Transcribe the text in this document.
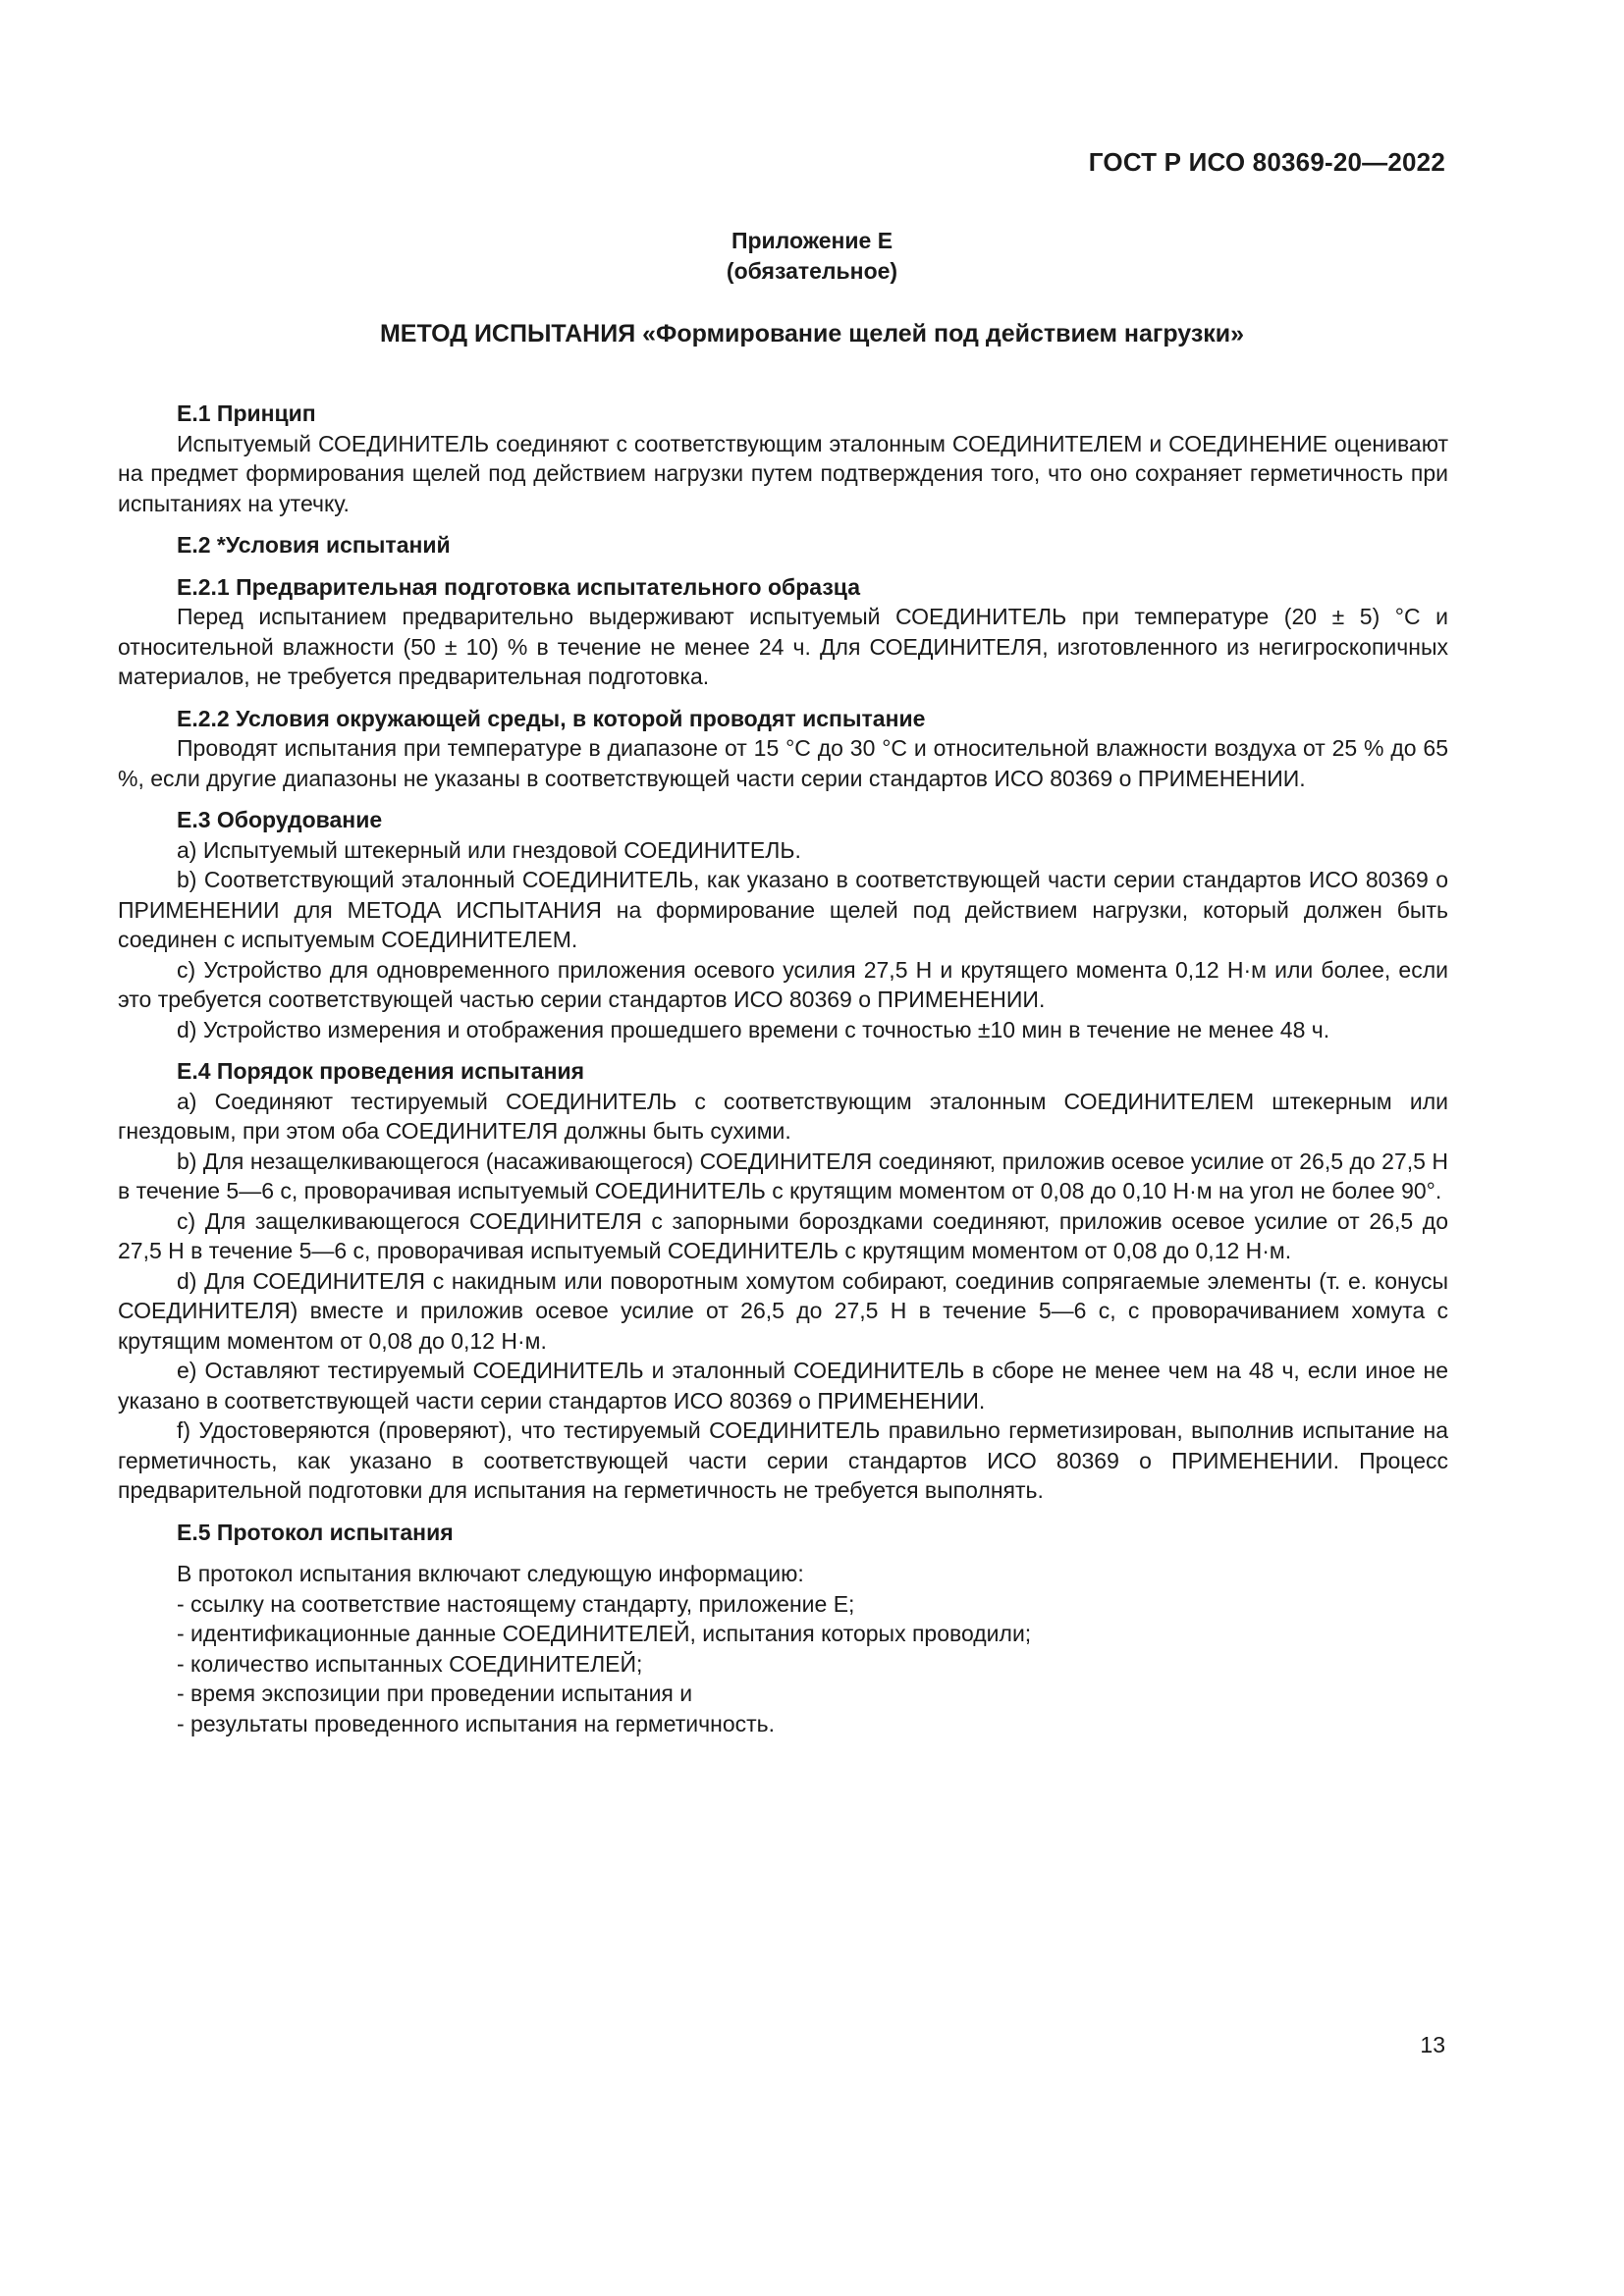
ГОСТ Р ИСО 80369-20—2022
Приложение Е
(обязательное)
МЕТОД ИСПЫТАНИЯ «Формирование щелей под действием нагрузки»

Е.1 Принцип

Испытуемый СОЕДИНИТЕЛЬ соединяют с соответствующим эталонным СОЕДИНИТЕЛЕМ и СОЕДИНЕНИЕ оценивают на предмет формирования щелей под действием нагрузки путем подтверждения того, что оно сохраняет герметичность при испытаниях на утечку.

Е.2 *Условия испытаний

Е.2.1 Предварительная подготовка испытательного образца

Перед испытанием предварительно выдерживают испытуемый СОЕДИНИТЕЛЬ при температуре (20 ± 5) °С и относительной влажности (50 ± 10) % в течение не менее 24 ч. Для СОЕДИНИТЕЛЯ, изготовленного из негигроскопичных материалов, не требуется предварительная подготовка.

Е.2.2 Условия окружающей среды, в которой проводят испытание

Проводят испытания при температуре в диапазоне от 15 °С до 30 °С и относительной влажности воздуха от 25 % до 65 %, если другие диапазоны не указаны в соответствующей части серии стандартов ИСО 80369 о ПРИМЕНЕНИИ.

Е.3 Оборудование

a) Испытуемый штекерный или гнездовой СОЕДИНИТЕЛЬ.

b) Соответствующий эталонный СОЕДИНИТЕЛЬ, как указано в соответствующей части серии стандартов ИСО 80369 о ПРИМЕНЕНИИ для МЕТОДА ИСПЫТАНИЯ на формирование щелей под действием нагрузки, который должен быть соединен с испытуемым СОЕДИНИТЕЛЕМ.

c) Устройство для одновременного приложения осевого усилия 27,5 Н и крутящего момента 0,12 Н·м или более, если это требуется соответствующей частью серии стандартов ИСО 80369 о ПРИМЕНЕНИИ.

d) Устройство измерения и отображения прошедшего времени с точностью ±10 мин в течение не менее 48 ч.

Е.4 Порядок проведения испытания

a) Соединяют тестируемый СОЕДИНИТЕЛЬ с соответствующим эталонным СОЕДИНИТЕЛЕМ штекерным или гнездовым, при этом оба СОЕДИНИТЕЛЯ должны быть сухими.

b) Для незащелкивающегося (насаживающегося) СОЕДИНИТЕЛЯ соединяют, приложив осевое усилие от 26,5 до 27,5 Н в течение 5—6 с, проворачивая испытуемый СОЕДИНИТЕЛЬ с крутящим моментом от 0,08 до 0,10 Н·м на угол не более 90°.

c) Для защелкивающегося СОЕДИНИТЕЛЯ с запорными бороздками соединяют, приложив осевое усилие от 26,5 до 27,5 Н в течение 5—6 с, проворачивая испытуемый СОЕДИНИТЕЛЬ с крутящим моментом от 0,08 до 0,12 Н·м.

d) Для СОЕДИНИТЕЛЯ с накидным или поворотным хомутом собирают, соединив сопрягаемые элементы (т. е. конусы СОЕДИНИТЕЛЯ) вместе и приложив осевое усилие от 26,5 до 27,5 Н в течение 5—6 с, с проворачиванием хомута с крутящим моментом от 0,08 до 0,12 Н·м.

e) Оставляют тестируемый СОЕДИНИТЕЛЬ и эталонный СОЕДИНИТЕЛЬ в сборе не менее чем на 48 ч, если иное не указано в соответствующей части серии стандартов ИСО 80369 о ПРИМЕНЕНИИ.

f) Удостоверяются (проверяют), что тестируемый СОЕДИНИТЕЛЬ правильно герметизирован, выполнив испытание на герметичность, как указано в соответствующей части серии стандартов ИСО 80369 о ПРИМЕНЕНИИ. Процесс предварительной подготовки для испытания на герметичность не требуется выполнять.

Е.5 Протокол испытания

В протокол испытания включают следующую информацию:

- ссылку на соответствие настоящему стандарту, приложение Е;

- идентификационные данные СОЕДИНИТЕЛЕЙ, испытания которых проводили;

- количество испытанных СОЕДИНИТЕЛЕЙ;

- время экспозиции при проведении испытания и

- результаты проведенного испытания на герметичность.

13
